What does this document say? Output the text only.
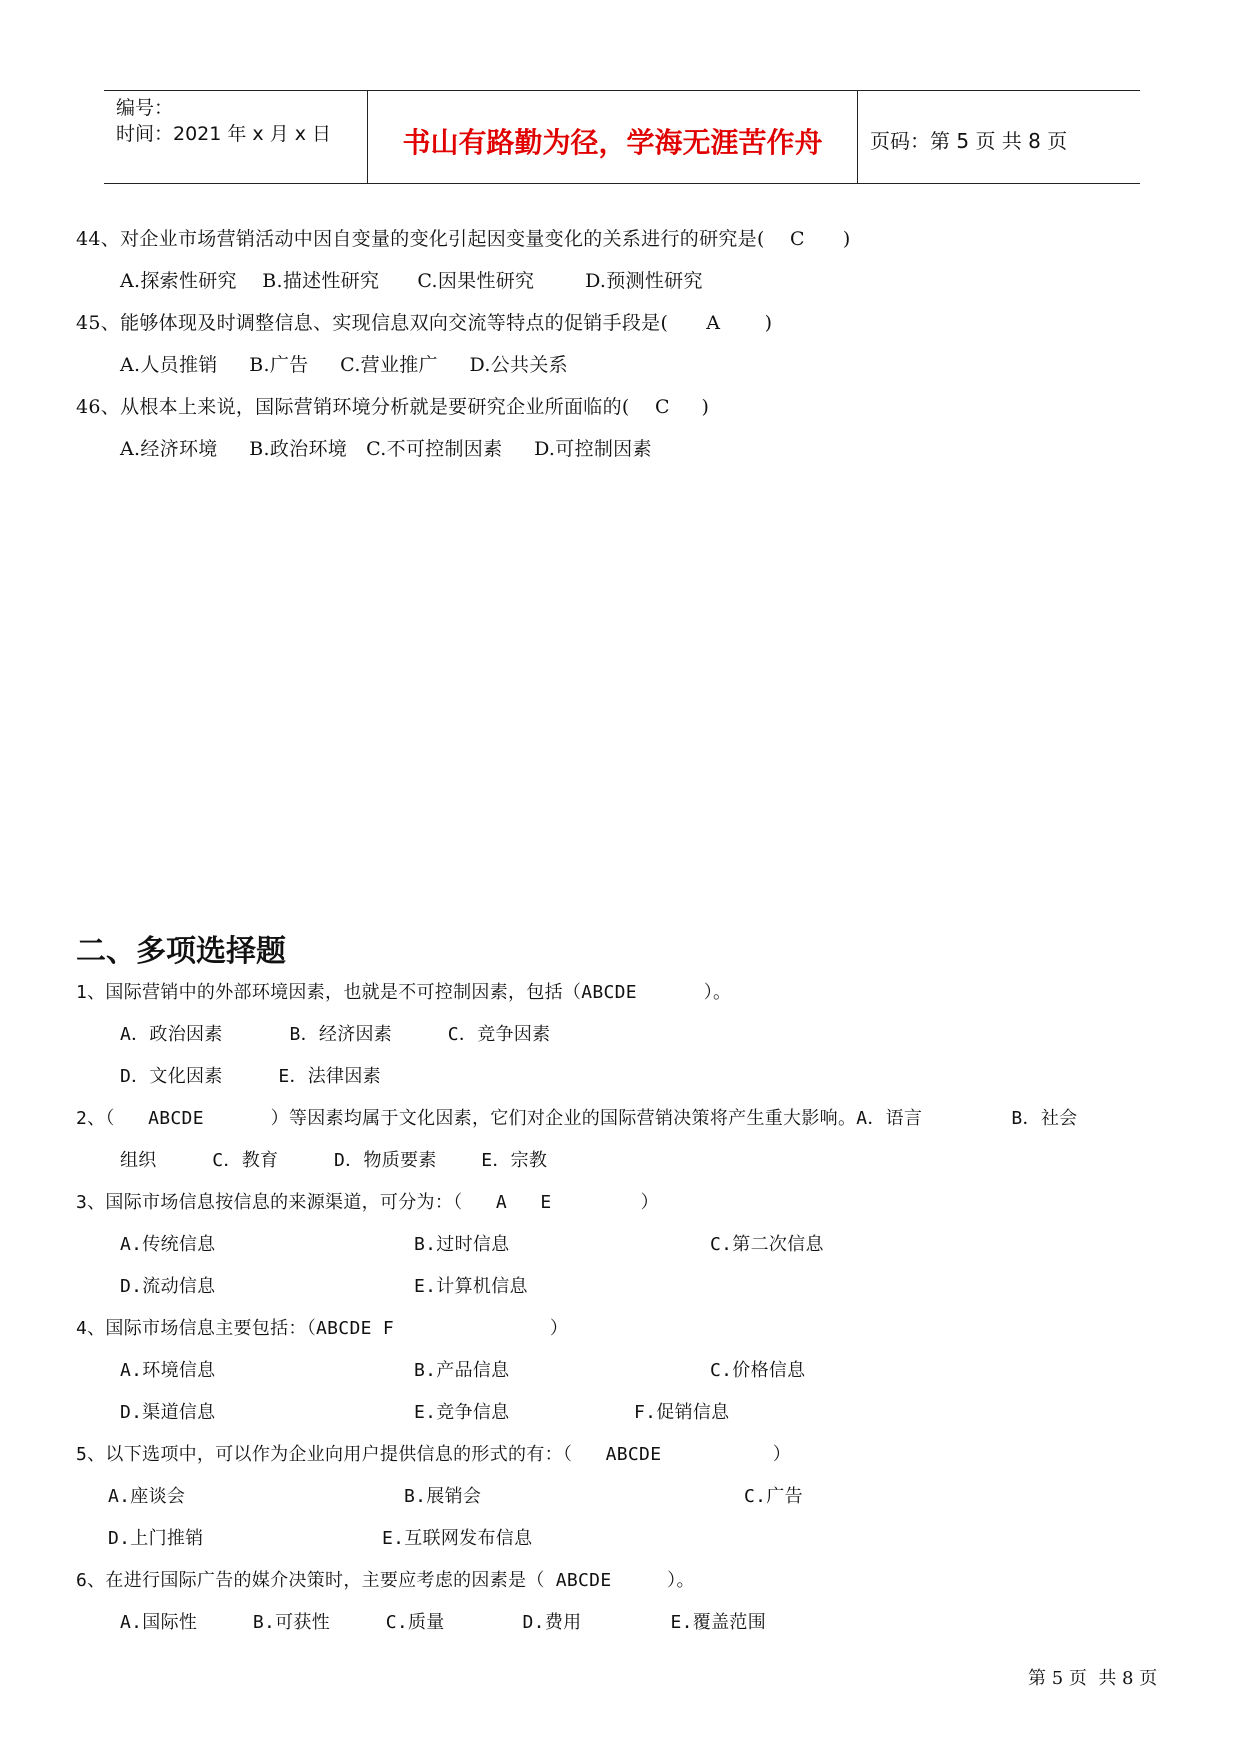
编号：
时间：2021 年 x 月 x 日	书山有路勤为径，学海无涯苦作舟	页码：第 5 页 共 8 页
44、对企业市场营销活动中因自变量的变化引起因变量变化的关系进行的研究是(    C      )
A.探索性研究    B.描述性研究      C.因果性研究        D.预测性研究
45、能够体现及时调整信息、实现信息双向交流等特点的促销手段是(      A       )
A.人员推销     B.广告     C.营业推广     D.公共关系
46、从根本上来说，国际营销环境分析就是要研究企业所面临的(    C     )
A.经济环境     B.政治环境   C.不可控制因素     D.可控制因素
二、多项选择题
1、国际营销中的外部环境因素，也就是不可控制因素，包括（ABCDE      ）。
A．政治因素      B．经济因素     C．竞争因素
D．文化因素     E．法律因素
2、（   ABCDE      ）等因素均属于文化因素，它们对企业的国际营销决策将产生重大影响。A．语言        B．社会
组织     C．教育     D．物质要素    E．宗教
3、国际市场信息按信息的来源渠道，可分为：（   A   E        ）
A.传统信息	B.过时信息	C.第二次信息
D.流动信息	E.计算机信息
4、国际市场信息主要包括：（ABCDE F              ）
A.环境信息	B.产品信息	C.价格信息
D.渠道信息	E.竞争信息	F.促销信息
5、以下选项中，可以作为企业向用户提供信息的形式的有：（   ABCDE          ）
A.座谈会	B.展销会	C.广告
D.上门推销	E.互联网发布信息
6、在进行国际广告的媒介决策时，主要应考虑的因素是（ ABCDE     ）。
A.国际性     B.可获性     C.质量       D.费用        E.覆盖范围
第 5 页  共 8 页
